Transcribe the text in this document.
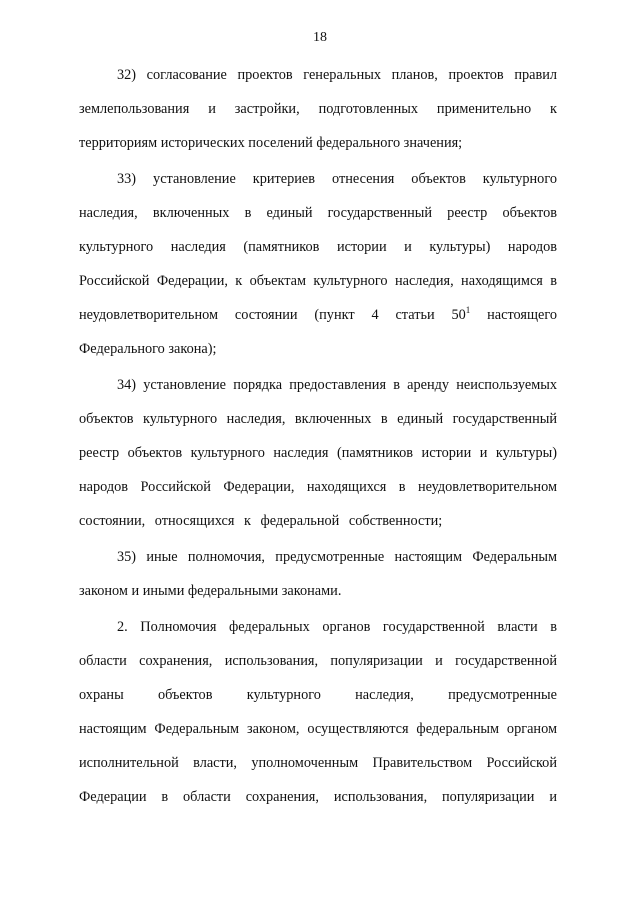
18
32) согласование проектов генеральных планов, проектов правил
землепользования и застройки, подготовленных применительно к
территориям исторических поселений федерального значения;
33) установление критериев отнесения объектов культурного
наследия, включенных в единый государственный реестр объектов
культурного наследия (памятников истории и культуры) народов
Российской Федерации, к объектам культурного наследия, находящимся в
неудовлетворительном состоянии (пункт 4 статьи $50^1$ настоящего
Федерального закона);
34) установление порядка предоставления в аренду неиспользуемых
объектов культурного наследия, включенных в единый государственный
реестр объектов культурного наследия (памятников истории и культуры)
народов Российской Федерации, находящихся в неудовлетворительном
состоянии, относящихся к федеральной собственности;
35) иные полномочия, предусмотренные настоящим Федеральным
законом и иными федеральными законами.
2. Полномочия федеральных органов государственной власти в
области сохранения, использования, популяризации и государственной
охраны объектов культурного наследия, предусмотренные
настоящим Федеральным законом, осуществляются федеральным органом
исполнительной власти, уполномоченным Правительством Российской
Федерации в области сохранения, использования, популяризации и
